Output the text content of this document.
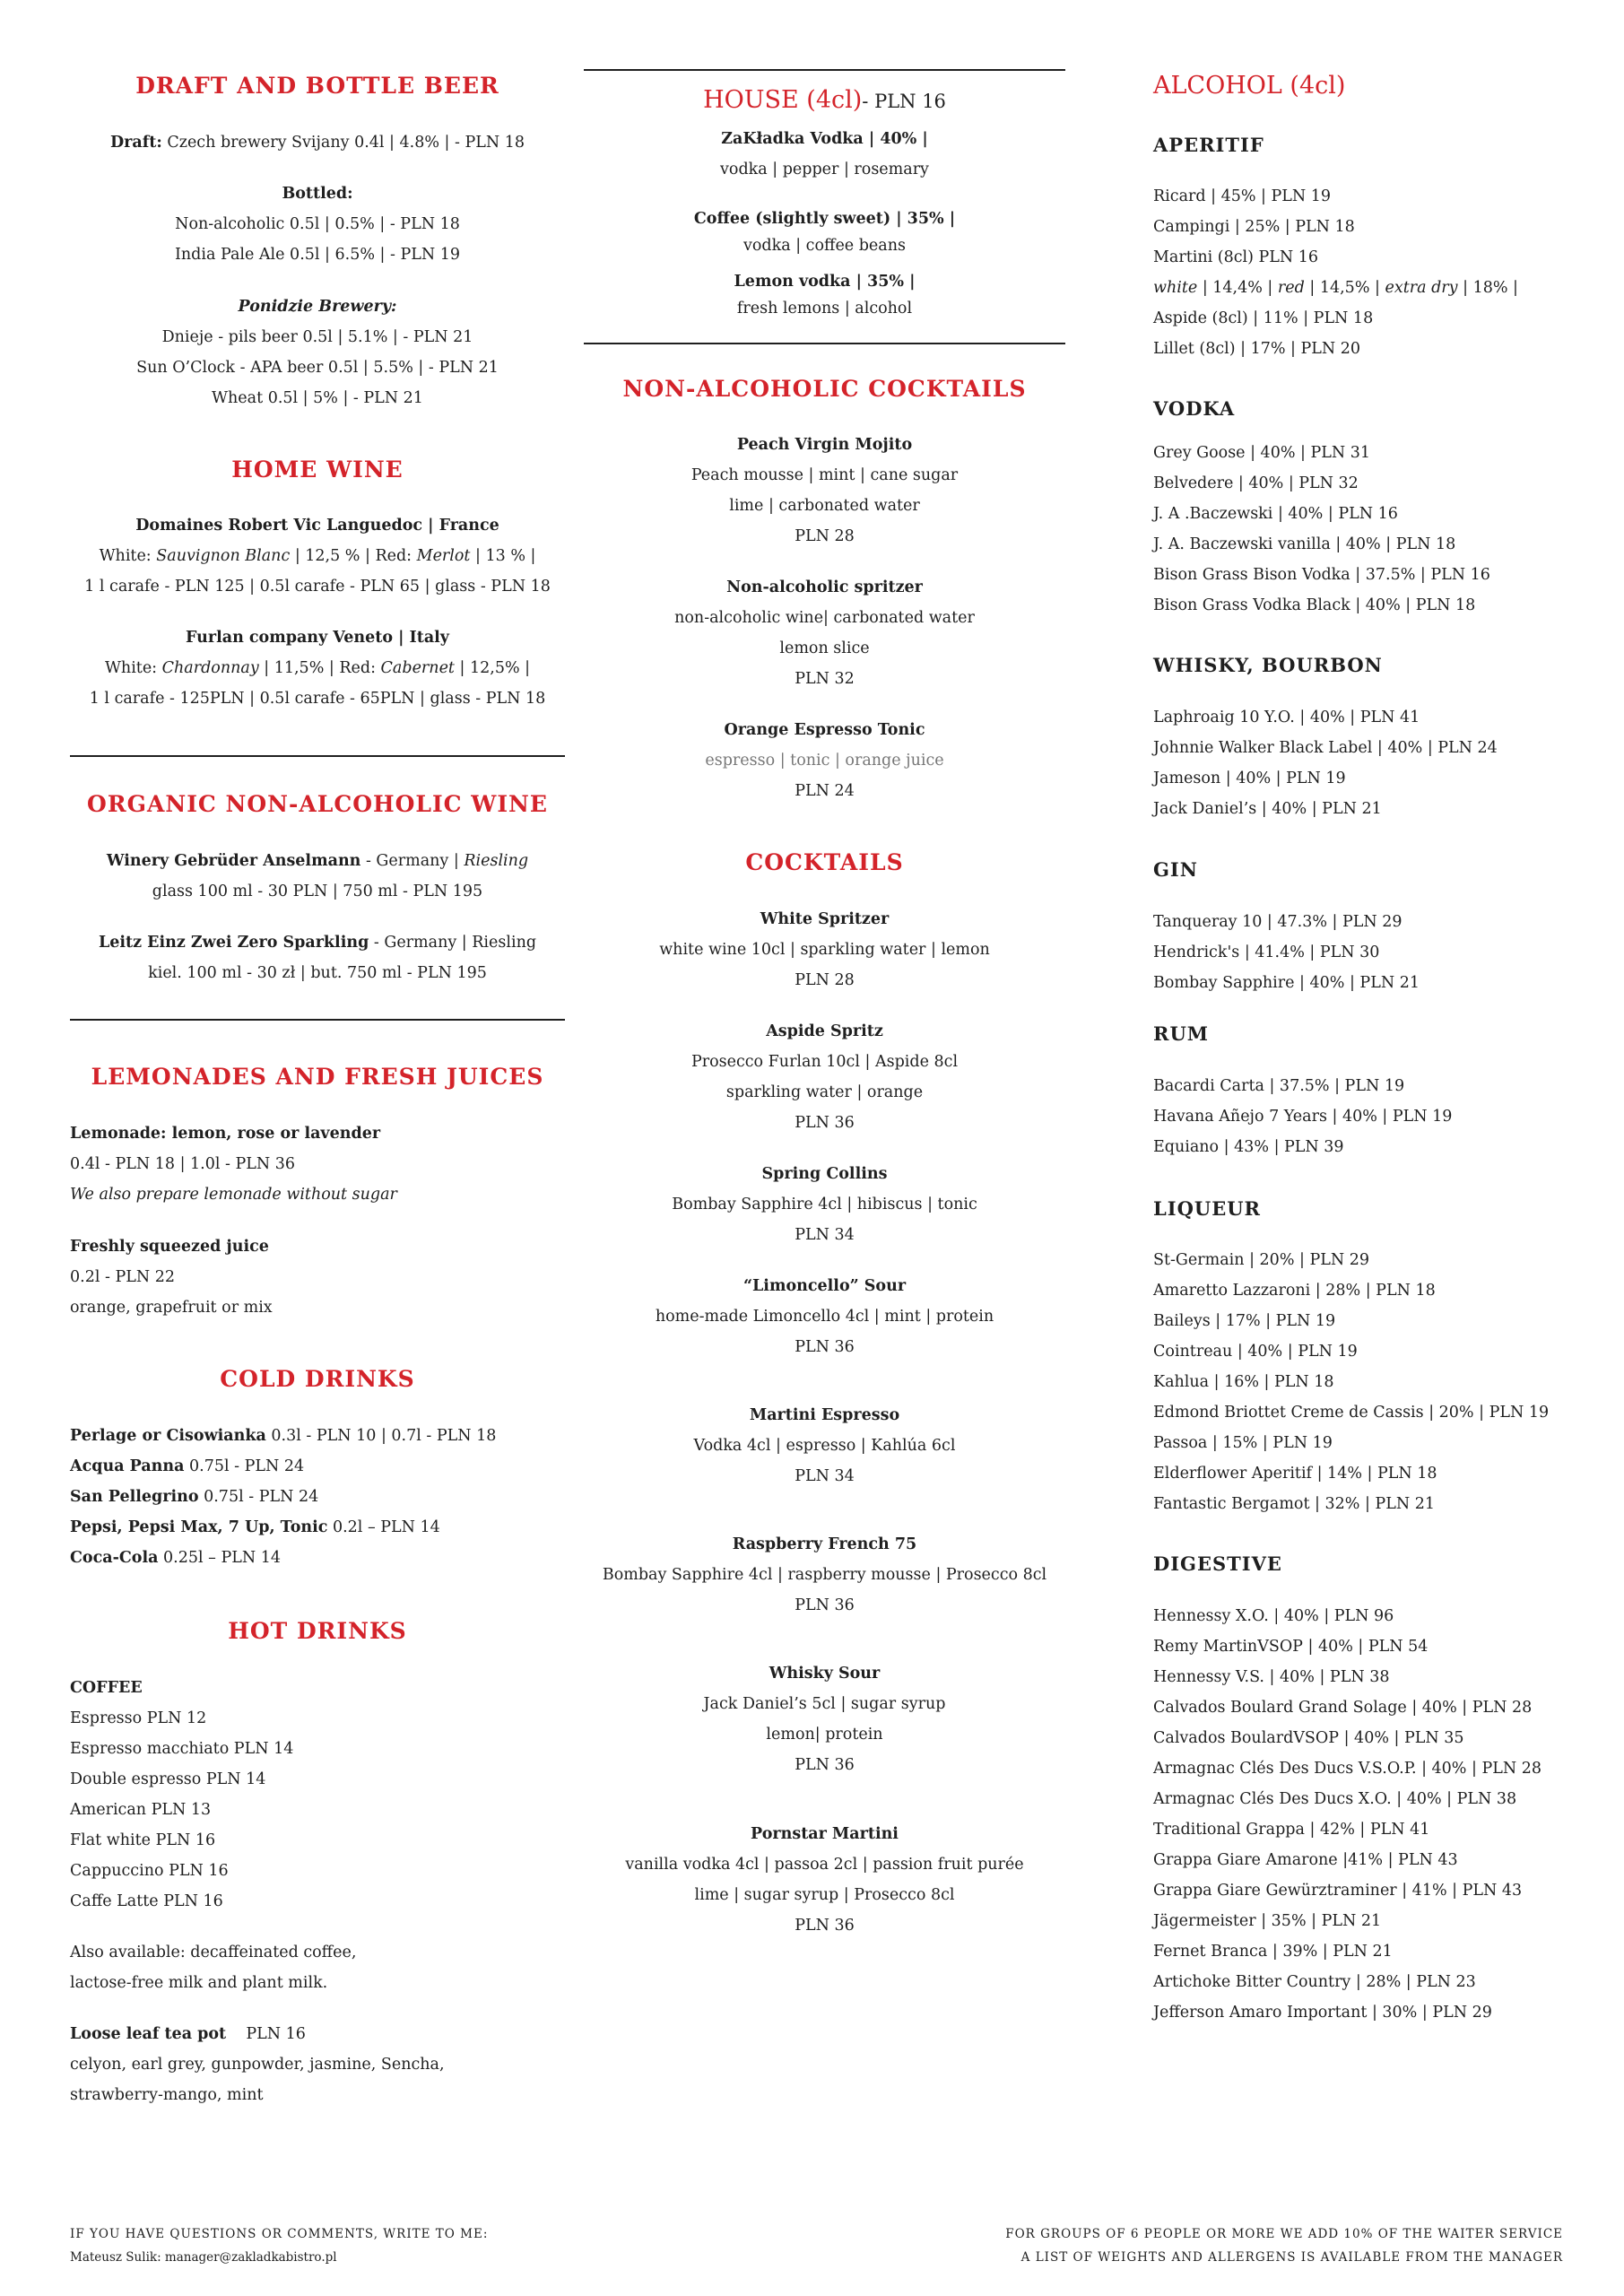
DRAFT AND BOTTLE BEER
Draft: Czech brewery Svijany 0.4l | 4.8% | - PLN 18
Bottled:
Non-alcoholic 0.5l | 0.5% | - PLN 18
India Pale Ale 0.5l | 6.5% | - PLN 19
Ponidzie Brewery:
Dnieje - pils beer 0.5l | 5.1% | - PLN 21
Sun O’Clock - APA beer 0.5l | 5.5% | - PLN 21
Wheat 0.5l | 5% | - PLN 21
HOME WINE
Domaines Robert Vic Languedoc | France
White: Sauvignon Blanc | 12,5 % | Red: Merlot | 13 % |
1 l carafe - PLN 125 | 0.5l carafe - PLN 65 | glass - PLN 18
Furlan company Veneto | Italy
White: Chardonnay | 11,5% | Red: Cabernet | 12,5% |
1 l carafe - 125PLN | 0.5l carafe - 65PLN | glass - PLN 18
ORGANIC NON-ALCOHOLIC WINE
Winery Gebrüder Anselmann - Germany | Riesling
glass 100 ml - 30 PLN | 750 ml - PLN 195
Leitz Einz Zwei Zero Sparkling - Germany | Riesling
kiel. 100 ml - 30 zł | but. 750 ml - PLN 195
LEMONADES AND FRESH JUICES
Lemonade: lemon, rose or lavender
0.4l - PLN 18 | 1.0l - PLN 36
We also prepare lemonade without sugar
Freshly squeezed juice
0.2l - PLN 22
orange, grapefruit or mix
COLD DRINKS
Perlage or Cisowianka 0.3l - PLN 10 | 0.7l - PLN 18
Acqua Panna 0.75l - PLN 24
San Pellegrino 0.75l - PLN 24
Pepsi, Pepsi Max, 7 Up, Tonic 0.2l – PLN 14
Coca-Cola 0.25l – PLN 14
HOT DRINKS
COFFEE
Espresso PLN 12
Espresso macchiato PLN 14
Double espresso PLN 14
American PLN 13
Flat white PLN 16
Cappuccino PLN 16
Caffe Latte PLN 16
Also available: decaffeinated coffee,
lactose-free milk and plant milk.
Loose leaf tea pot    PLN 16
celyon, earl grey, gunpowder, jasmine, Sencha,
strawberry-mango, mint
HOUSE (4cl)- PLN 16
ZaKładka Vodka | 40% |
vodka | pepper | rosemary
Coffee (slightly sweet) | 35% |
vodka | coffee beans
Lemon vodka | 35% |
fresh lemons | alcohol
NON-ALCOHOLIC COCKTAILS
Peach Virgin Mojito
Peach mousse | mint | cane sugar
lime | carbonated water
PLN 28
Non-alcoholic spritzer
non-alcoholic wine| carbonated water
lemon slice
PLN 32
Orange Espresso Tonic
espresso | tonic | orange juice
PLN 24
COCKTAILS
White Spritzer
white wine 10cl | sparkling water | lemon
PLN 28
Aspide Spritz
Prosecco Furlan 10cl | Aspide 8cl
sparkling water | orange
PLN 36
Spring Collins
Bombay Sapphire 4cl | hibiscus | tonic
PLN 34
“Limoncello” Sour
home-made Limoncello 4cl | mint | protein
PLN 36
Martini Espresso
Vodka 4cl | espresso | Kahlúa 6cl
PLN 34
Raspberry French 75
Bombay Sapphire 4cl | raspberry mousse | Prosecco 8cl
PLN 36
Whisky Sour
Jack Daniel’s 5cl | sugar syrup
lemon| protein
PLN 36
Pornstar Martini
vanilla vodka 4cl | passoa 2cl | passion fruit purée
lime | sugar syrup | Prosecco 8cl
PLN 36
ALCOHOL (4cl)
APERITIF
Ricard | 45% | PLN 19
Campingi | 25% | PLN 18
Martini (8cl) PLN 16
white | 14,4% | red | 14,5% | extra dry | 18% |
Aspide (8cl) | 11% | PLN 18
Lillet (8cl) | 17% | PLN 20
VODKA
Grey Goose | 40% | PLN 31
Belvedere | 40% | PLN 32
J. A .Baczewski | 40% | PLN 16
J. A. Baczewski vanilla | 40% | PLN 18
Bison Grass Bison Vodka | 37.5% | PLN 16
Bison Grass Vodka Black | 40% | PLN 18
WHISKY, BOURBON
Laphroaig 10 Y.O. | 40% | PLN 41
Johnnie Walker Black Label | 40% | PLN 24
Jameson | 40% | PLN 19
Jack Daniel’s | 40% | PLN 21
GIN
Tanqueray 10 | 47.3% | PLN 29
Hendrick's | 41.4% | PLN 30
Bombay Sapphire | 40% | PLN 21
RUM
Bacardi Carta | 37.5% | PLN 19
Havana Añejo 7 Years | 40% | PLN 19
Equiano | 43% | PLN 39
LIQUEUR
St-Germain | 20% | PLN 29
Amaretto Lazzaroni | 28% | PLN 18
Baileys | 17% | PLN 19
Cointreau | 40% | PLN 19
Kahlua | 16% | PLN 18
Edmond Briottet Creme de Cassis | 20% | PLN 19
Passoa | 15% | PLN 19
Elderflower Aperitif | 14% | PLN 18
Fantastic Bergamot | 32% | PLN 21
DIGESTIVE
Hennessy X.O. | 40% | PLN 96
Remy MartinVSOP | 40% | PLN 54
Hennessy V.S. | 40% | PLN 38
Calvados Boulard Grand Solage | 40% | PLN 28
Calvados BoulardVSOP | 40% | PLN 35
Armagnac Clés Des Ducs V.S.O.P. | 40% | PLN 28
Armagnac Clés Des Ducs X.O. | 40% | PLN 38
Traditional Grappa | 42% | PLN 41
Grappa Giare Amarone |41% | PLN 43
Grappa Giare Gewürztraminer | 41% | PLN 43
Jägermeister | 35% | PLN 21
Fernet Branca | 39% | PLN 21
Artichoke Bitter Country | 28% | PLN 23
Jefferson Amaro Important | 30% | PLN 29
IF YOU HAVE QUESTIONS OR COMMENTS, WRITE TO ME:
Mateusz Sulik: manager@zakladkabistro.pl
FOR GROUPS OF 6 PEOPLE OR MORE WE ADD 10% OF THE WAITER SERVICE
A LIST OF WEIGHTS AND ALLERGENS IS AVAILABLE FROM THE MANAGER
